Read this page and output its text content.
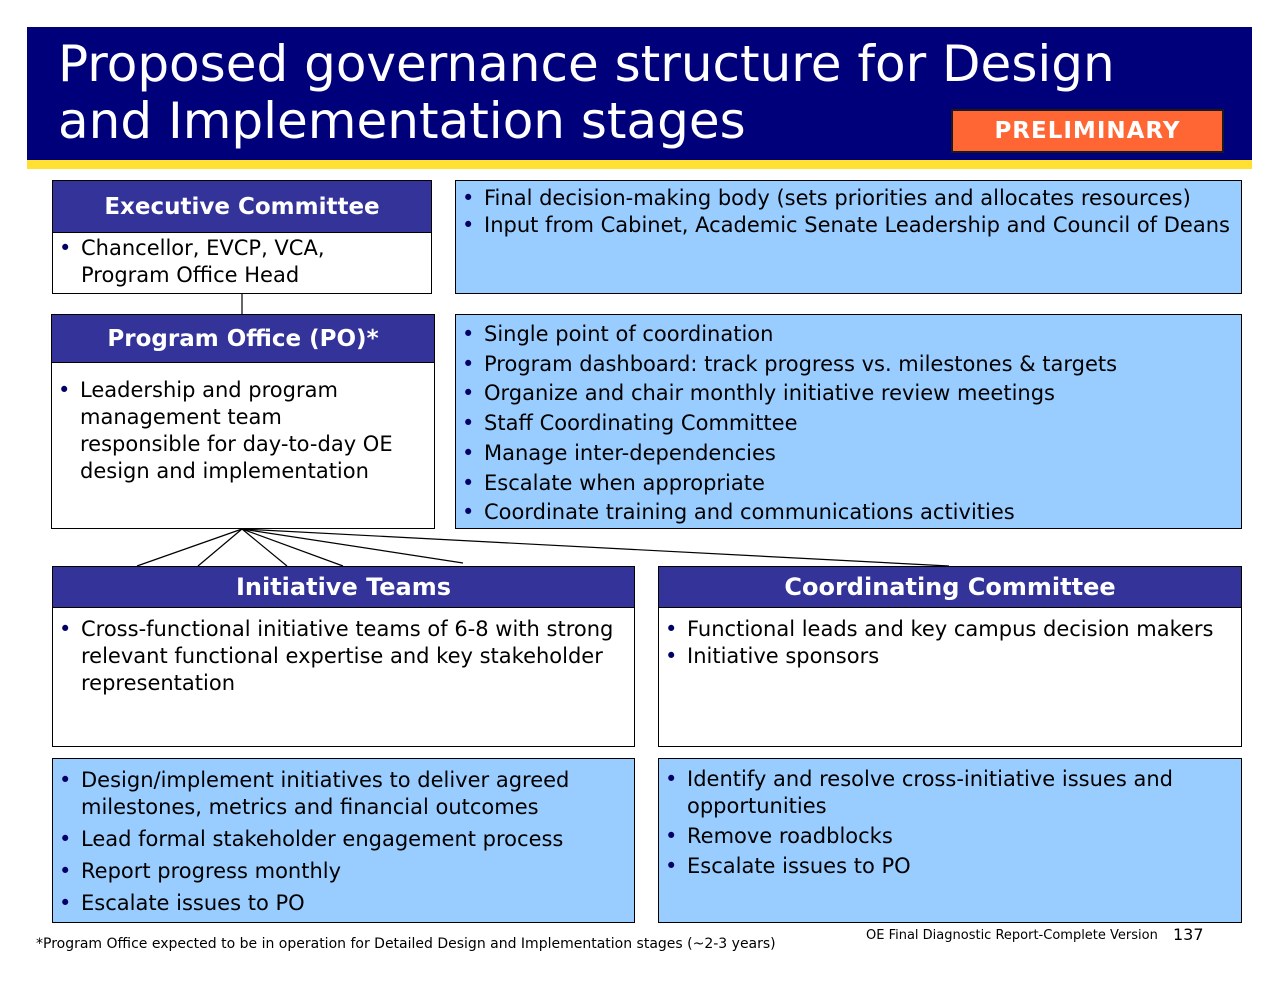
Proposed governance structure for Design and Implementation stages	PRELIMINARY
• Chancellor, EVCP, VCA, Program Office Head
Executive Committee	• Final decision-making body (sets priorities and allocates resources)
• Input from Cabinet, Academic Senate Leadership and Council of Deans
• Leadership and program management team responsible for day-to-day OE design and implementation
Program Office (PO)*	• Single point of coordination
• Program dashboard: track progress vs. milestones & targets
• Organize and chair monthly initiative review meetings
• Staff Coordinating Committee
• Manage inter-dependencies
• Escalate when appropriate
• Coordinate training and communications activities
• Cross-functional initiative teams of 6-8 with strong relevant functional expertise and key stakeholder representation
Initiative Teams
• Design/implement initiatives to deliver agreed milestones, metrics and financial outcomes
• Lead formal stakeholder engagement process
• Report progress monthly
• Escalate issues to PO
• Functional leads and key campus decision makers
• Initiative sponsors
Coordinating Committee
• Identify and resolve cross-initiative issues and opportunities
• Remove roadblocks
• Escalate issues to PO
*Program Office expected to be in operation for Detailed Design and Implementation stages (~2-3 years)
OE Final Diagnostic Report-Complete Version 137
